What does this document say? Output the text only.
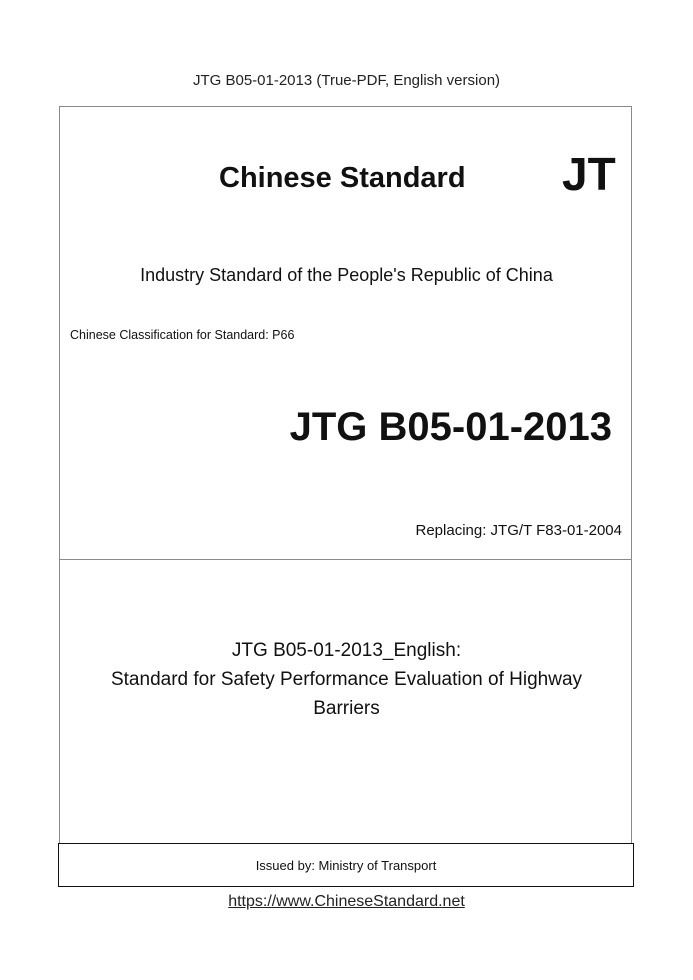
JTG B05-01-2013 (True-PDF, English version)
Chinese Standard JT
Industry Standard of the People's Republic of China
Chinese Classification for Standard: P66
JTG B05-01-2013
Replacing: JTG/T F83-01-2004
JTG B05-01-2013_English:
Standard for Safety Performance Evaluation of Highway
Barriers
Issued by: Ministry of Transport
https://www.ChineseStandard.net
